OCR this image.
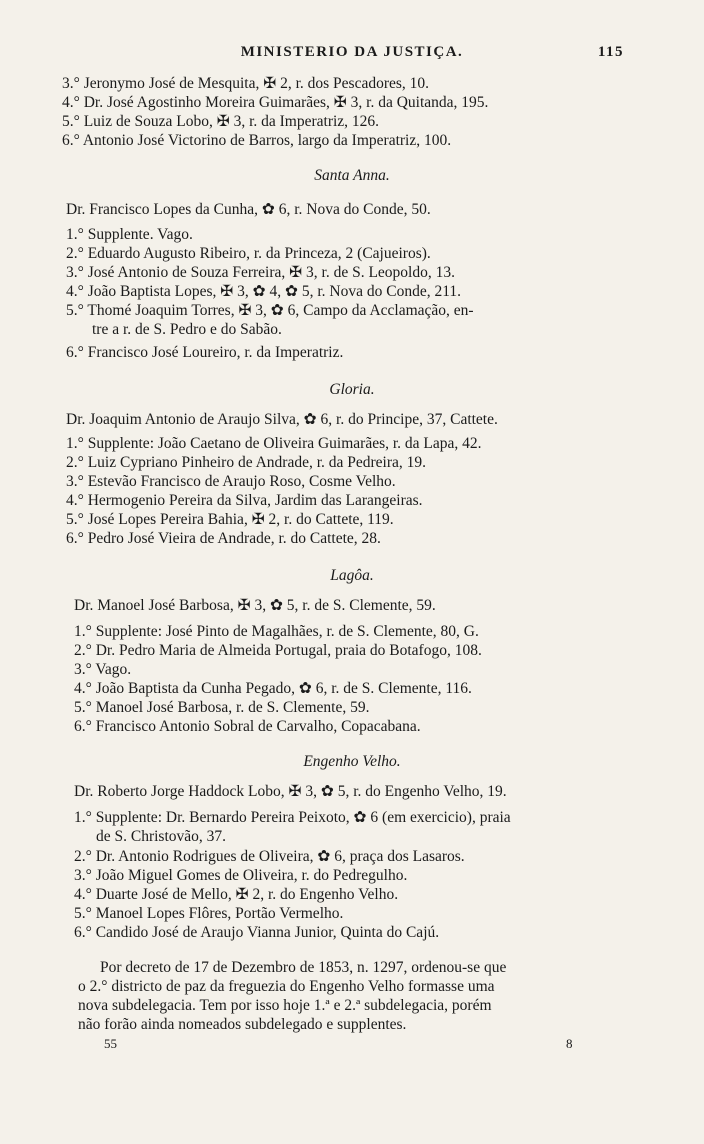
MINISTERIO DA JUSTIÇA.	115
3.° Jeronymo José de Mesquita, ✠ 2, r. dos Pescadores, 10.
4.° Dr. José Agostinho Moreira Guimarães, ✠ 3, r. da Quitanda, 195.
5.° Luiz de Souza Lobo, ✠ 3, r. da Imperatriz, 126.
6.° Antonio José Victorino de Barros, largo da Imperatriz, 100.
Santa Anna.
Dr. Francisco Lopes da Cunha, ✿ 6, r. Nova do Conde, 50.
1.° Supplente. Vago.
2.° Eduardo Augusto Ribeiro, r. da Princeza, 2 (Cajueiros).
3.° José Antonio de Souza Ferreira, ✠ 3, r. de S. Leopoldo, 13.
4.° João Baptista Lopes, ✠ 3, ✿ 4, ✿ 5, r. Nova do Conde, 211.
5.° Thomé Joaquim Torres, ✠ 3, ✿ 6, Campo da Acclamação, en-
tre a r. de S. Pedro e do Sabão.
6.° Francisco José Loureiro, r. da Imperatriz.
Gloria.
Dr. Joaquim Antonio de Araujo Silva, ✿ 6, r. do Principe, 37, Cattete.
1.° Supplente: João Caetano de Oliveira Guimarães, r. da Lapa, 42.
2.° Luiz Cypriano Pinheiro de Andrade, r. da Pedreira, 19.
3.° Estevão Francisco de Araujo Roso, Cosme Velho.
4.° Hermogenio Pereira da Silva, Jardim das Larangeiras.
5.° José Lopes Pereira Bahia, ✠ 2, r. do Cattete, 119.
6.° Pedro José Vieira de Andrade, r. do Cattete, 28.
Lagôa.
Dr. Manoel José Barbosa, ✠ 3, ✿ 5, r. de S. Clemente, 59.
1.° Supplente: José Pinto de Magalhães, r. de S. Clemente, 80, G.
2.° Dr. Pedro Maria de Almeida Portugal, praia do Botafogo, 108.
3.° Vago.
4.° João Baptista da Cunha Pegado, ✿ 6, r. de S. Clemente, 116.
5.° Manoel José Barbosa, r. de S. Clemente, 59.
6.° Francisco Antonio Sobral de Carvalho, Copacabana.
Engenho Velho.
Dr. Roberto Jorge Haddock Lobo, ✠ 3, ✿ 5, r. do Engenho Velho, 19.
1.° Supplente: Dr. Bernardo Pereira Peixoto, ✿ 6 (em exercicio), praia
de S. Christovão, 37.
2.° Dr. Antonio Rodrigues de Oliveira, ✿ 6, praça dos Lasaros.
3.° João Miguel Gomes de Oliveira, r. do Pedregulho.
4.° Duarte José de Mello, ✠ 2, r. do Engenho Velho.
5.° Manoel Lopes Flôres, Portão Vermelho.
6.° Candido José de Araujo Vianna Junior, Quinta do Cajú.
Por decreto de 17 de Dezembro de 1853, n. 1297, ordenou-se que
o 2.° districto de paz da freguezia do Engenho Velho formasse uma
nova subdelegacia. Tem por isso hoje 1.ª e 2.ª subdelegacia, porém
não forão ainda nomeados subdelegado e supplentes.
55	8
